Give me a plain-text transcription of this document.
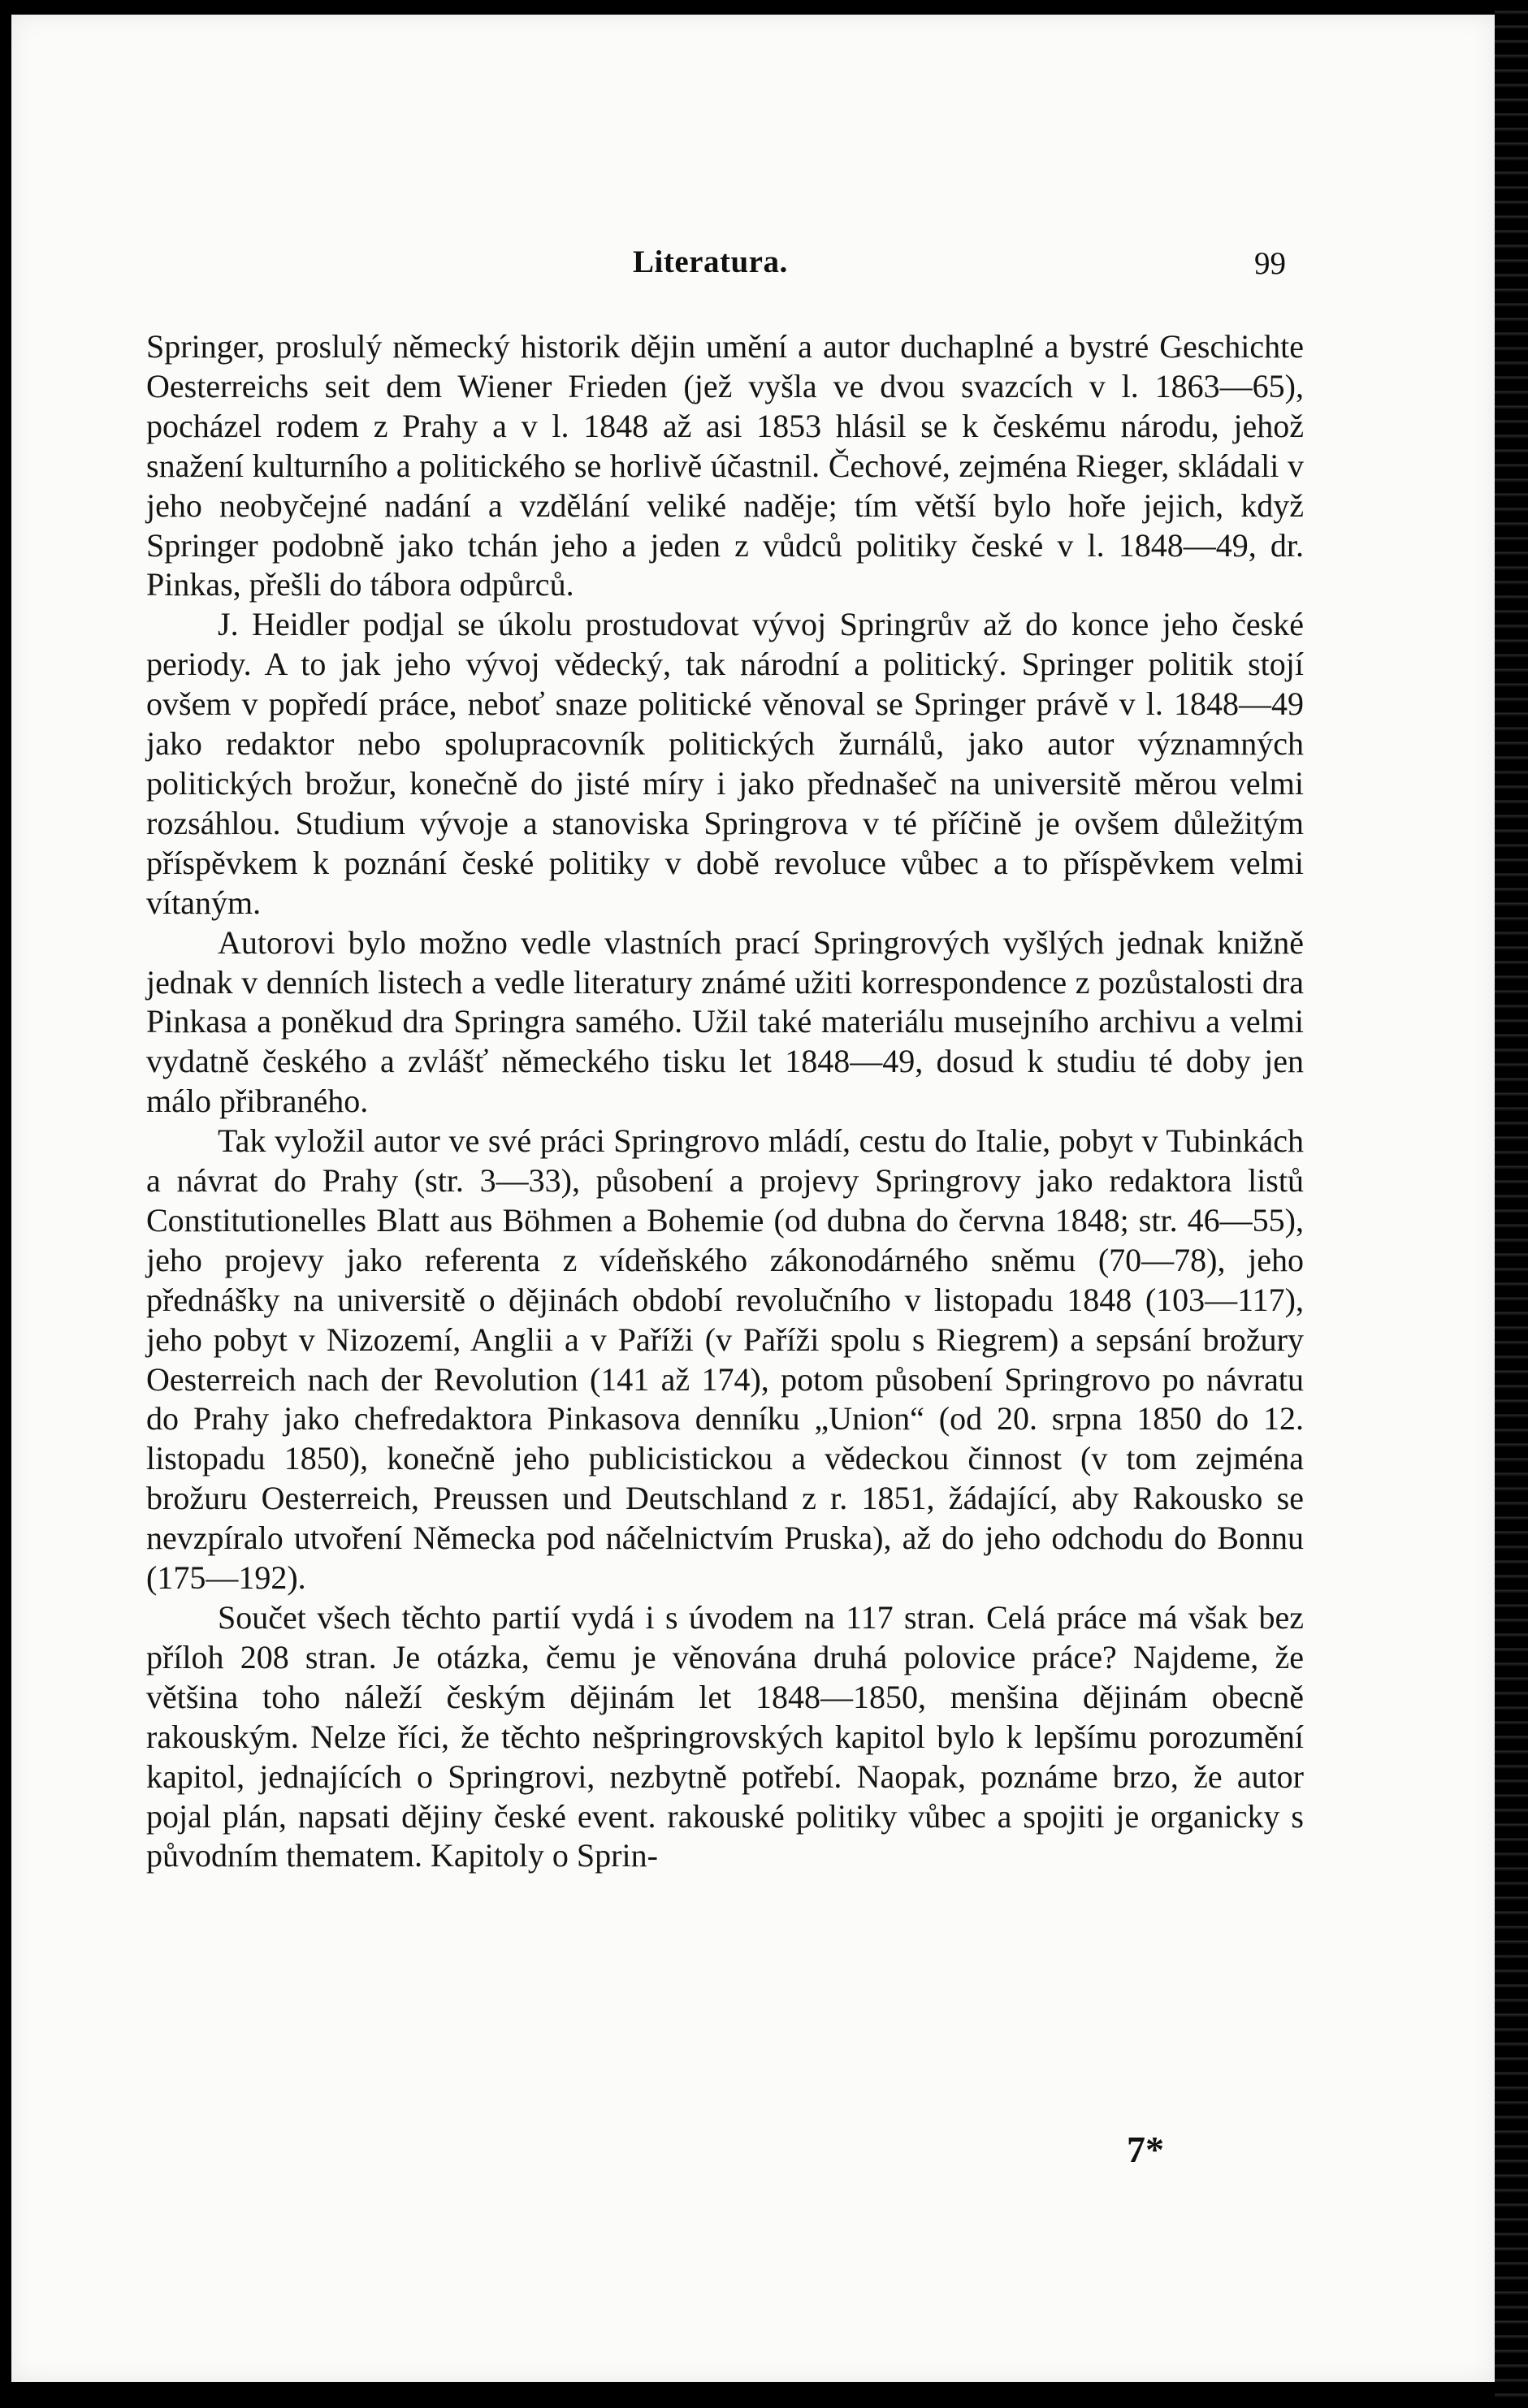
Literatura.	99

Springer, proslulý německý historik dějin umění a autor duchaplné a bystré Geschichte Oesterreichs seit dem Wiener Frieden (jež vyšla ve dvou svazcích v l. 1863—65), pocházel rodem z Prahy a v l. 1848 až asi 1853 hlásil se k českému národu, jehož snažení kulturního a politického se horlivě účastnil. Čechové, zejména Rieger, skládali v jeho neobyčejné nadání a vzdělání veliké naděje; tím větší bylo hoře jejich, když Springer podobně jako tchán jeho a jeden z vůdců politiky české v l. 1848—49, dr. Pinkas, přešli do tábora odpůrců.

J. Heidler podjal se úkolu prostudovat vývoj Springrův až do konce jeho české periody. A to jak jeho vývoj vědecký, tak národní a politický. Springer politik stojí ovšem v popředí práce, neboť snaze politické věnoval se Springer právě v l. 1848—49 jako redaktor nebo spolupracovník politických žurnálů, jako autor významných politických brožur, konečně do jisté míry i jako přednašeč na universitě měrou velmi rozsáhlou. Studium vývoje a stanoviska Springrova v té příčině je ovšem důležitým příspěvkem k poznání české politiky v době revoluce vůbec a to příspěvkem velmi vítaným.

Autorovi bylo možno vedle vlastních prací Springrových vyšlých jednak knižně jednak v denních listech a vedle literatury známé užiti korrespondence z pozůstalosti dra Pinkasa a poněkud dra Springra samého. Užil také materiálu musejního archivu a velmi vydatně českého a zvlášť německého tisku let 1848—49, dosud k studiu té doby jen málo přibraného.

Tak vyložil autor ve své práci Springrovo mládí, cestu do Italie, pobyt v Tubinkách a návrat do Prahy (str. 3—33), působení a projevy Springrovy jako redaktora listů Constitutionelles Blatt aus Böhmen a Bohemie (od dubna do června 1848; str. 46—55), jeho projevy jako referenta z vídeňského zákonodárného sněmu (70—78), jeho přednášky na universitě o dějinách období revolučního v listopadu 1848 (103—117), jeho pobyt v Nizozemí, Anglii a v Paříži (v Paříži spolu s Riegrem) a sepsání brožury Oesterreich nach der Revolution (141 až 174), potom působení Springrovo po návratu do Prahy jako chefredaktora Pinkasova denníku „Union“ (od 20. srpna 1850 do 12. listopadu 1850), konečně jeho publicistickou a vědeckou činnost (v tom zejména brožuru Oesterreich, Preussen und Deutschland z r. 1851, žádající, aby Rakousko se nevzpíralo utvoření Německa pod náčelnictvím Pruska), až do jeho odchodu do Bonnu (175—192).

Součet všech těchto partií vydá i s úvodem na 117 stran. Celá práce má však bez příloh 208 stran. Je otázka, čemu je věnována druhá polovice práce? Najdeme, že většina toho náleží českým dějinám let 1848—1850, menšina dějinám obecně rakouským. Nelze říci, že těchto nešpringrovských kapitol bylo k lepšímu porozumění kapitol, jednajících o Springrovi, nezbytně potřebí. Naopak, poznáme brzo, že autor pojal plán, napsati dějiny české event. rakouské politiky vůbec a spojiti je organicky s původním thematem. Kapitoly o Sprin-

7*
